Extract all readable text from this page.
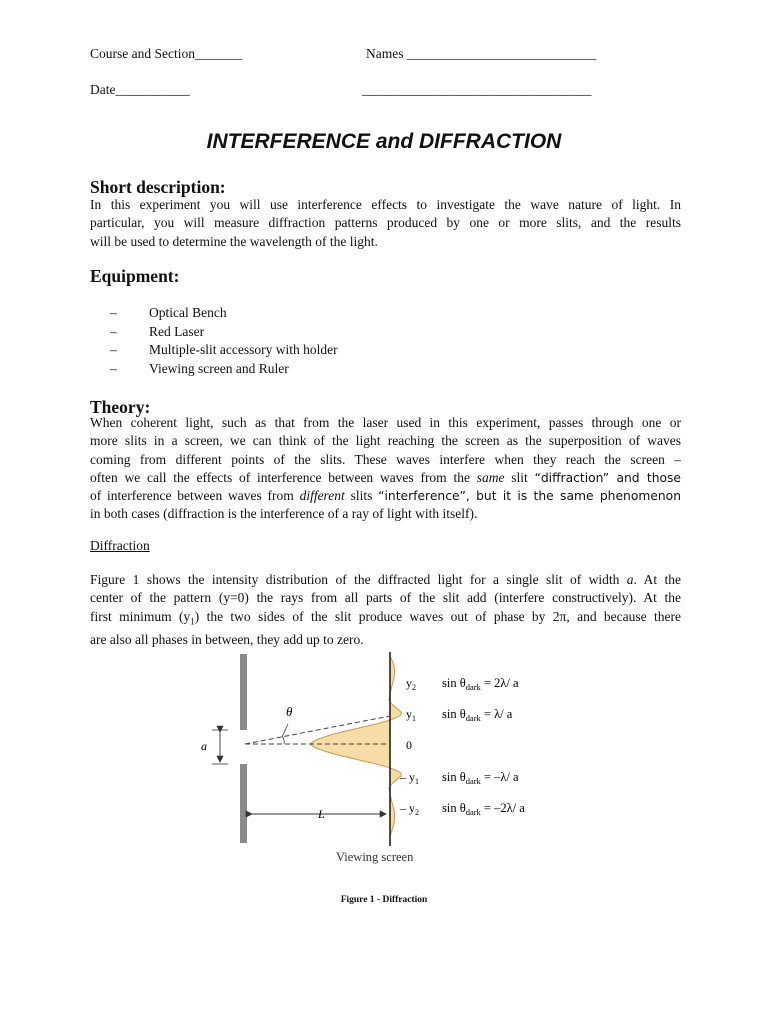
Course and Section_______	Names ____________________________
Date___________	__________________________________
INTERFERENCE and DIFFRACTION
Short description:
In this experiment you will use interference effects to investigate the wave nature of light. In
particular, you will measure diffraction patterns produced by one or more slits, and the results
will be used to determine the wavelength of the light.
Equipment:
– Optical Bench
– Red Laser
– Multiple-slit accessory with holder
– Viewing screen and Ruler
Theory:
When coherent light, such as that from the laser used in this experiment, passes through one or
more slits in a screen, we can think of the light reaching the screen as the superposition of waves
coming from different points of the slits. These waves interfere when they reach the screen –
often we call the effects of interference between waves from the same slit “diffraction” and those
of interference between waves from different slits “interference”, but it is the same phenomenon
in both cases (diffraction is the interference of a ray of light with itself).
Diffraction
Figure 1 shows the intensity distribution of the diffracted light for a single slit of width a. At the
center of the pattern (y=0) the rays from all parts of the slit add (interfere constructively). At the
first minimum $(y_1)$ the two sides of the slit produce waves out of phase by 2π, and because there
are also all phases in between, they add up to zero.
θ
a
L
$y_2$
$y_1$
0
– $y_1$
– $y_2$
$\sin \theta_{dark} = 2\lambda/$ a
$\sin \theta_{dark} = \lambda/$ a
$\sin \theta_{dark} = -\lambda/$ a
$\sin \theta_{dark} = -2\lambda/$ a
Viewing screen
Figure 1 - Diffraction
